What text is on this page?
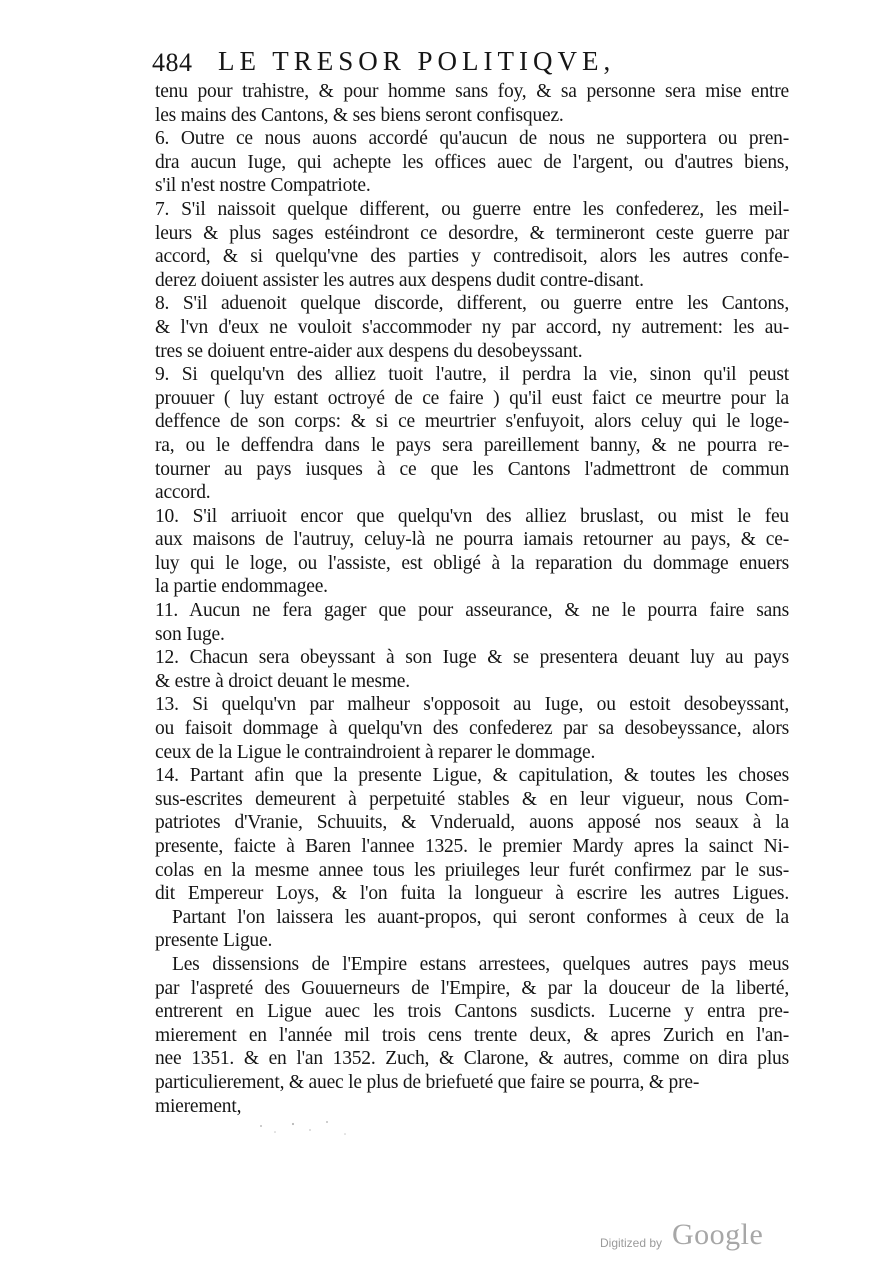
484 LE TRESOR POLITIQVE,
tenu pour trahistre, & pour homme sans foy, & sa personne sera mise entre
les mains des Cantons, & ses biens seront confisquez.
6. Outre ce nous auons accordé qu'aucun de nous ne supportera ou pren-
dra aucun Iuge, qui achepte les offices auec de l'argent, ou d'autres biens,
s'il n'est nostre Compatriote.
7. S'il naissoit quelque different, ou guerre entre les confederez, les meil-
leurs & plus sages estéindront ce desordre, & termineront ceste guerre par
accord, & si quelqu'vne des parties y contredisoit, alors les autres confe-
derez doiuent assister les autres aux despens dudit contre-disant.
8. S'il aduenoit quelque discorde, different, ou guerre entre les Cantons,
& l'vn d'eux ne vouloit s'accommoder ny par accord, ny autrement: les au-
tres se doiuent entre-aider aux despens du desobeyssant.
9. Si quelqu'vn des alliez tuoit l'autre, il perdra la vie, sinon qu'il peust
prouuer ( luy estant octroyé de ce faire ) qu'il eust faict ce meurtre pour la
deffence de son corps: & si ce meurtrier s'enfuyoit, alors celuy qui le loge-
ra, ou le deffendra dans le pays sera pareillement banny, & ne pourra re-
tourner au pays iusques à ce que les Cantons l'admettront de commun
accord.
10. S'il arriuoit encor que quelqu'vn des alliez bruslast, ou mist le feu
aux maisons de l'autruy, celuy-là ne pourra iamais retourner au pays, & ce-
luy qui le loge, ou l'assiste, est obligé à la reparation du dommage enuers
la partie endommagee.
11. Aucun ne fera gager que pour asseurance, & ne le pourra faire sans
son Iuge.
12. Chacun sera obeyssant à son Iuge & se presentera deuant luy au pays
& estre à droict deuant le mesme.
13. Si quelqu'vn par malheur s'opposoit au Iuge, ou estoit desobeyssant,
ou faisoit dommage à quelqu'vn des confederez par sa desobeyssance, alors
ceux de la Ligue le contraindroient à reparer le dommage.
14. Partant afin que la presente Ligue, & capitulation, & toutes les choses
sus-escrites demeurent à perpetuité stables & en leur vigueur, nous Com-
patriotes d'Vranie, Schuuits, & Vnderuald, auons apposé nos seaux à la
presente, faicte à Baren l'annee 1325. le premier Mardy apres la sainct Ni-
colas en la mesme annee tous les priuileges leur furét confirmez par le sus-
dit Empereur Loys, & l'on fuita la longueur à escrire les autres Ligues.
Partant l'on laissera les auant-propos, qui seront conformes à ceux de la
presente Ligue.
Les dissensions de l'Empire estans arrestees, quelques autres pays meus
par l'aspreté des Gouuerneurs de l'Empire, & par la douceur de la liberté,
entrerent en Ligue auec les trois Cantons susdicts. Lucerne y entra pre-
mierement en l'année mil trois cens trente deux, & apres Zurich en l'an-
nee 1351. & en l'an 1352. Zuch, & Clarone, & autres, comme on dira plus
particulierement, & auec le plus de briefueté que faire se pourra, & pre-
mierement,
Digitized by Google
